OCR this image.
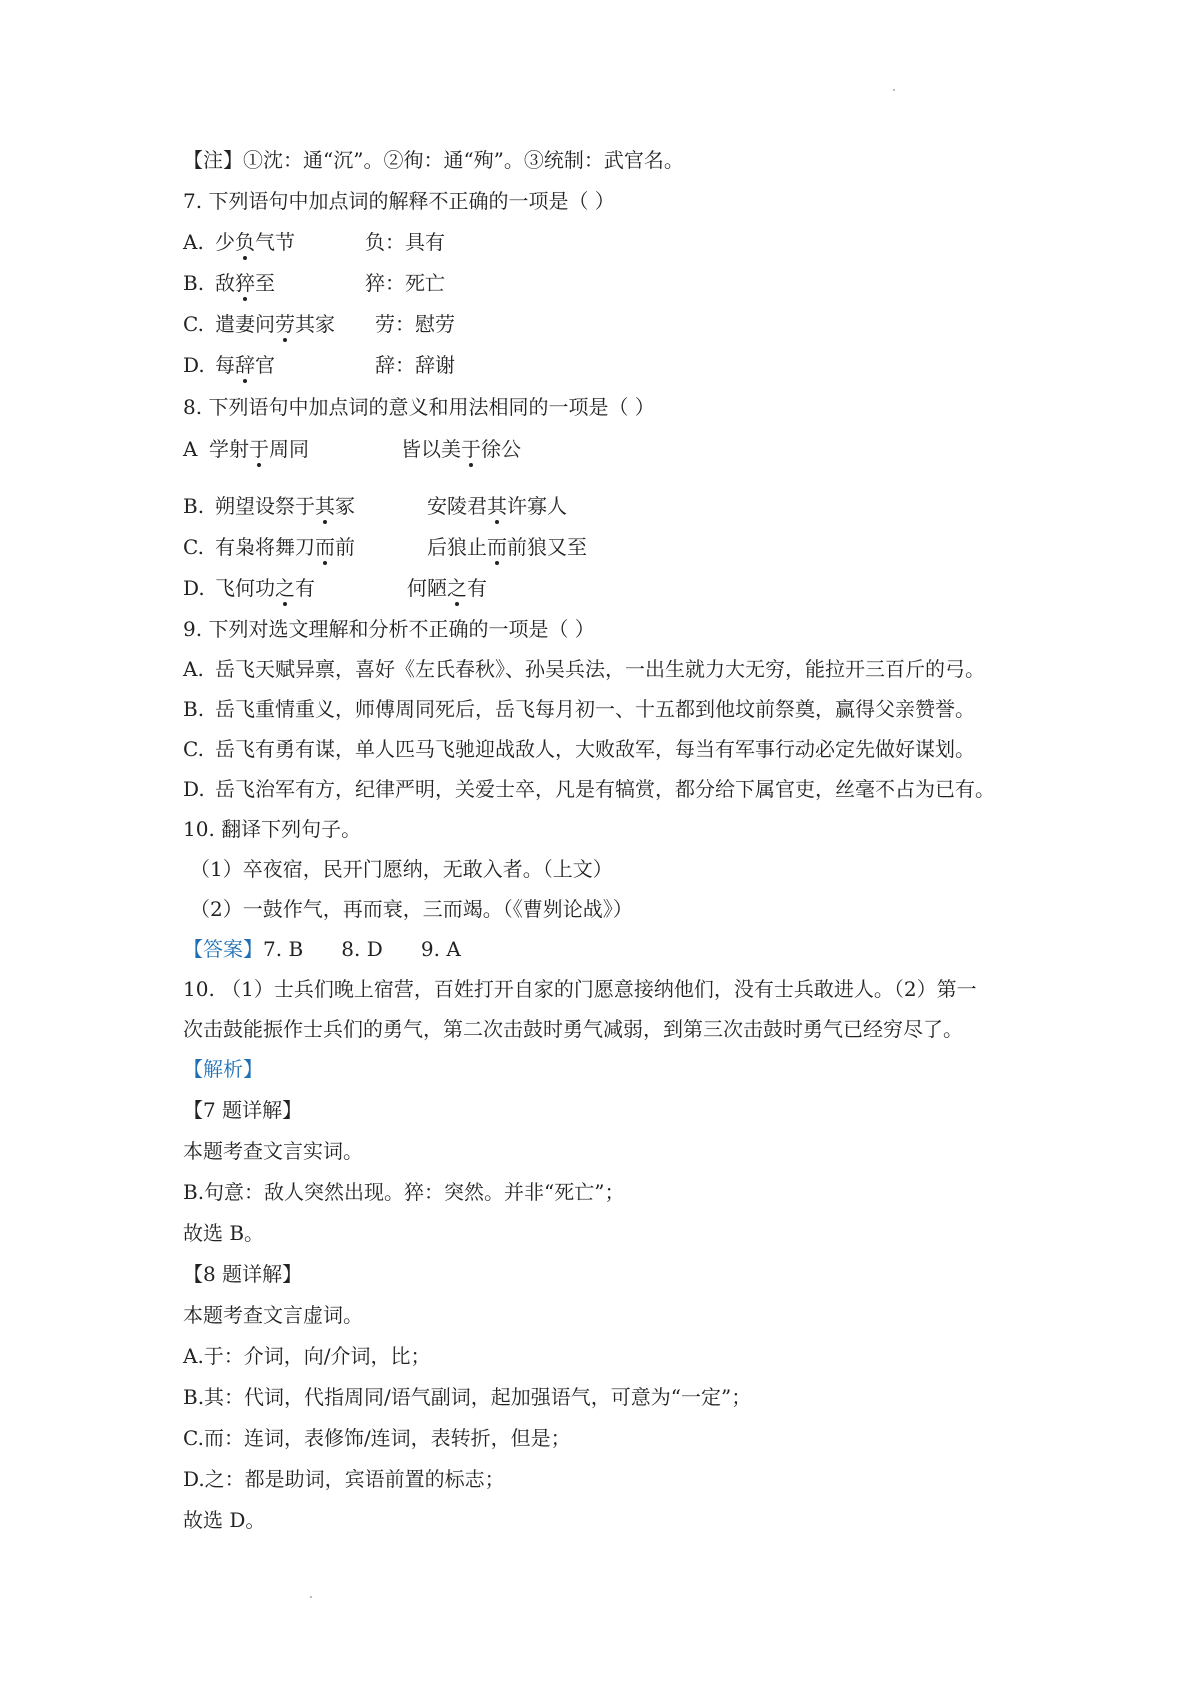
【注】①沈：通“沉”。②徇：通“殉”。③统制：武官名。
7. 下列语句中加点词的解释不正确的一项是（ ）
A. 少负气节	负：具有
B. 敌猝至	猝：死亡
C. 遣妻问劳其家 劳：慰劳
D. 每辞官	辞：辞谢
8. 下列语句中加点词的意义和用法相同的一项是（ ）
A 学射于周同	皆以美于徐公
B. 朔望设祭于其冢	安陵君其许寡人
C. 有枭将舞刀而前	后狼止而前狼又至
D. 飞何功之有	何陋之有
9. 下列对选文理解和分析不正确的一项是（ ）
A. 岳飞天赋异禀，喜好《左氏春秋》、孙吴兵法，一出生就力大无穷，能拉开三百斤的弓。
B. 岳飞重情重义，师傅周同死后，岳飞每月初一、十五都到他坟前祭奠，赢得父亲赞誉。
C. 岳飞有勇有谋，单人匹马飞驰迎战敌人，大败敌军，每当有军事行动必定先做好谋划。
D. 岳飞治军有方，纪律严明，关爱士卒，凡是有犒赏，都分给下属官吏，丝毫不占为已有。
10. 翻译下列句子。
（1）卒夜宿，民开门愿纳，无敢入者。（上文）
（2）一鼓作气，再而衰，三而竭。（《曹刿论战》）
【答案】7. B      8. D      9. A
10. （1）士兵们晚上宿营，百姓打开自家的门愿意接纳他们，没有士兵敢进人。（2）第一
次击鼓能振作士兵们的勇气，第二次击鼓时勇气减弱，到第三次击鼓时勇气已经穷尽了。
【解析】
【7 题详解】
本题考查文言实词。
B.句意：敌人突然出现。猝：突然。并非“死亡”；
故选 B。
【8 题详解】
本题考查文言虚词。
A.于：介词，向/介词，比；
B.其：代词，代指周同/语气副词，起加强语气，可意为“一定”；
C.而：连词，表修饰/连词，表转折，但是；
D.之：都是助词，宾语前置的标志；
故选 D。
